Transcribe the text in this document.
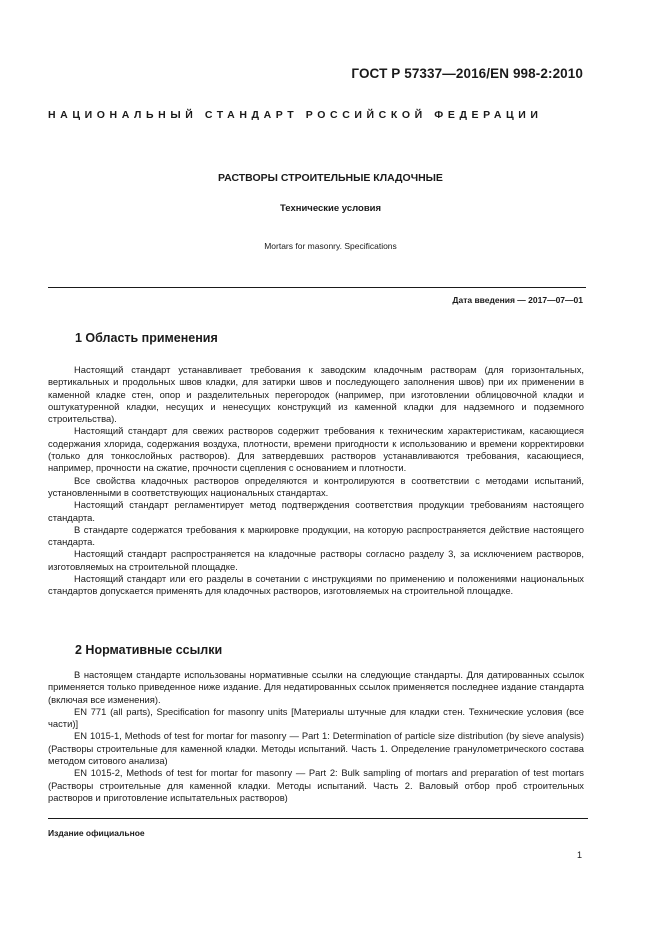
ГОСТ Р 57337—2016/EN 998-2:2010
НАЦИОНАЛЬНЫЙ СТАНДАРТ РОССИЙСКОЙ ФЕДЕРАЦИИ
РАСТВОРЫ СТРОИТЕЛЬНЫЕ КЛАДОЧНЫЕ
Технические условия
Mortars for masonry. Specifications
Дата введения — 2017—07—01
1 Область применения

Настоящий стандарт устанавливает требования к заводским кладочным растворам (для горизонтальных, вертикальных и продольных швов кладки, для затирки швов и последующего заполнения швов) при их применении в каменной кладке стен, опор и разделительных перегородок (например, при изготовлении облицовочной кладки и оштукатуренной кладки, несущих и ненесущих конструкций из каменной кладки для надземного и подземного строительства).

Настоящий стандарт для свежих растворов содержит требования к техническим характеристикам, касающиеся содержания хлорида, содержания воздуха, плотности, времени пригодности к использованию и времени корректировки (только для тонкослойных растворов). Для затвердевших растворов устанавливаются требования, касающиеся, например, прочности на сжатие, прочности сцепления с основанием и плотности.

Все свойства кладочных растворов определяются и контролируются в соответствии с методами испытаний, установленными в соответствующих национальных стандартах.

Настоящий стандарт регламентирует метод подтверждения соответствия продукции требованиям настоящего стандарта.

В стандарте содержатся требования к маркировке продукции, на которую распространяется действие настоящего стандарта.

Настоящий стандарт распространяется на кладочные растворы согласно разделу 3, за исключением растворов, изготовляемых на строительной площадке.

Настоящий стандарт или его разделы в сочетании с инструкциями по применению и положениями национальных стандартов допускается применять для кладочных растворов, изготовляемых на строительной площадке.

2 Нормативные ссылки

В настоящем стандарте использованы нормативные ссылки на следующие стандарты. Для датированных ссылок применяется только приведенное ниже издание. Для недатированных ссылок применяется последнее издание стандарта (включая все изменения).

EN 771 (all parts), Specification for masonry units [Материалы штучные для кладки стен. Технические условия (все части)]

EN 1015-1, Methods of test for mortar for masonry — Part 1: Determination of particle size distribution (by sieve analysis) (Растворы строительные для каменной кладки. Методы испытаний. Часть 1. Определение гранулометрического состава методом ситового анализа)

EN 1015-2, Methods of test for mortar for masonry — Part 2: Bulk sampling of mortars and preparation of test mortars (Растворы строительные для каменной кладки. Методы испытаний. Часть 2. Валовый отбор проб строительных растворов и приготовление испытательных растворов)

Издание официальное
1
